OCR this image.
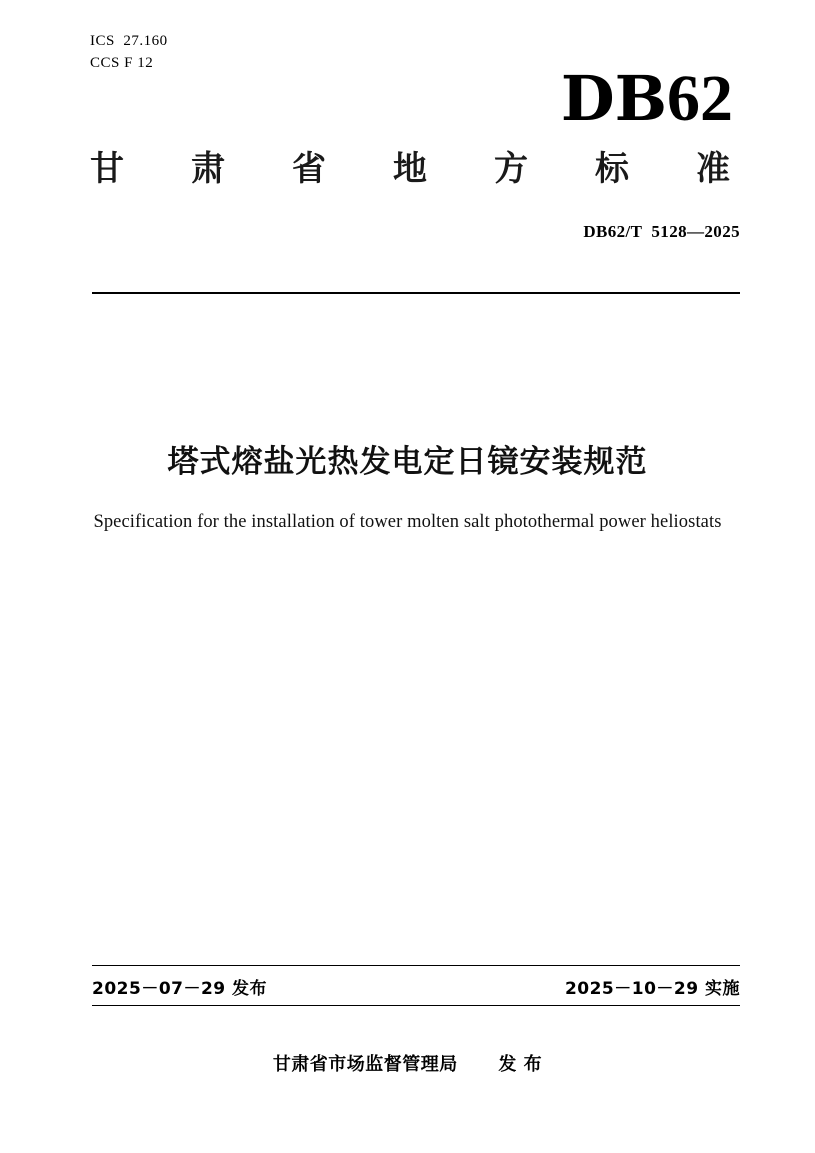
ICS  27.160
CCS F 12	DB62
甘 肃 省 地 方 标 准
DB62/T  5128—2025
塔式熔盐光热发电定日镜安装规范
Specification for the installation of tower molten salt photothermal power heliostats
2025－07－29 发布	2025－10－29 实施
甘肃省市场监督管理局      发 布
